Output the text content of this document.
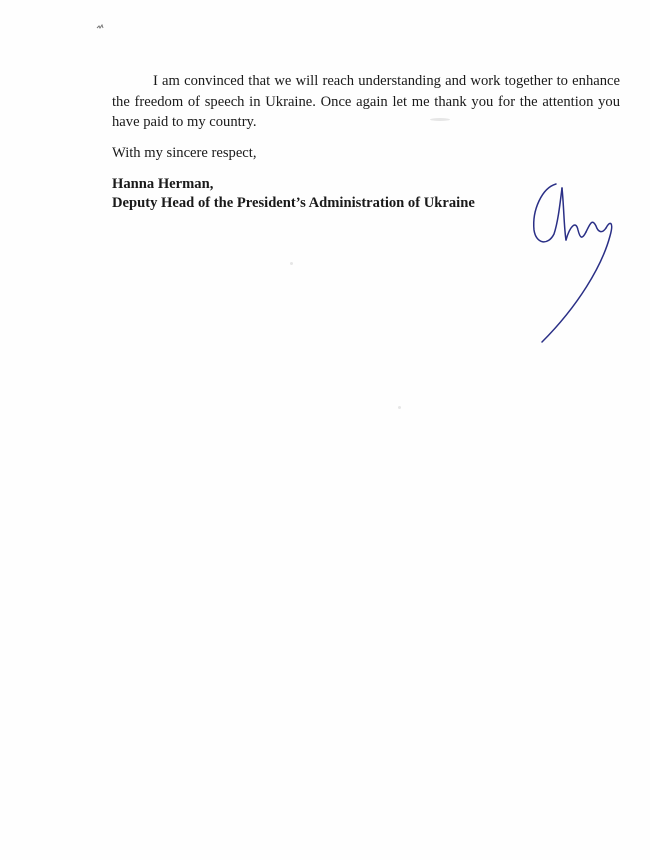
I am convinced that we will reach understanding and work together to enhance the freedom of speech in Ukraine. Once again let me thank you for the attention you have paid to my country.

With my sincere respect,

Hanna Herman,

Deputy Head of the President’s Administration of Ukraine
